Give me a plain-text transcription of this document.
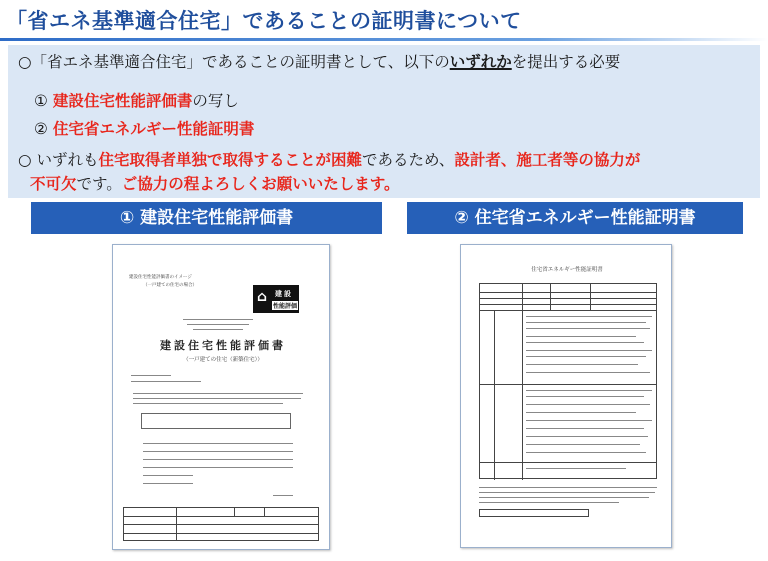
「省エネ基準適合住宅」であることの証明書について
○「省エネ基準適合住宅」であることの証明書として、以下のいずれかを提出する必要
① 建設住宅性能評価書の写し
② 住宅省エネルギー性能証明書
○ いずれも住宅取得者単独で取得することが困難であるため、設計者、施工者等の協力が
不可欠です。ご協力の程よろしくお願いいたします。
① 建設住宅性能評価書	② 住宅省エネルギー性能証明書
建設住宅性能評価書のイメージ
（一戸建ての住宅の場合）
⌂ 建設
性能評価
建設住宅性能評価書
（一戸建ての住宅（新築住宅））
住宅省エネルギー性能証明書
